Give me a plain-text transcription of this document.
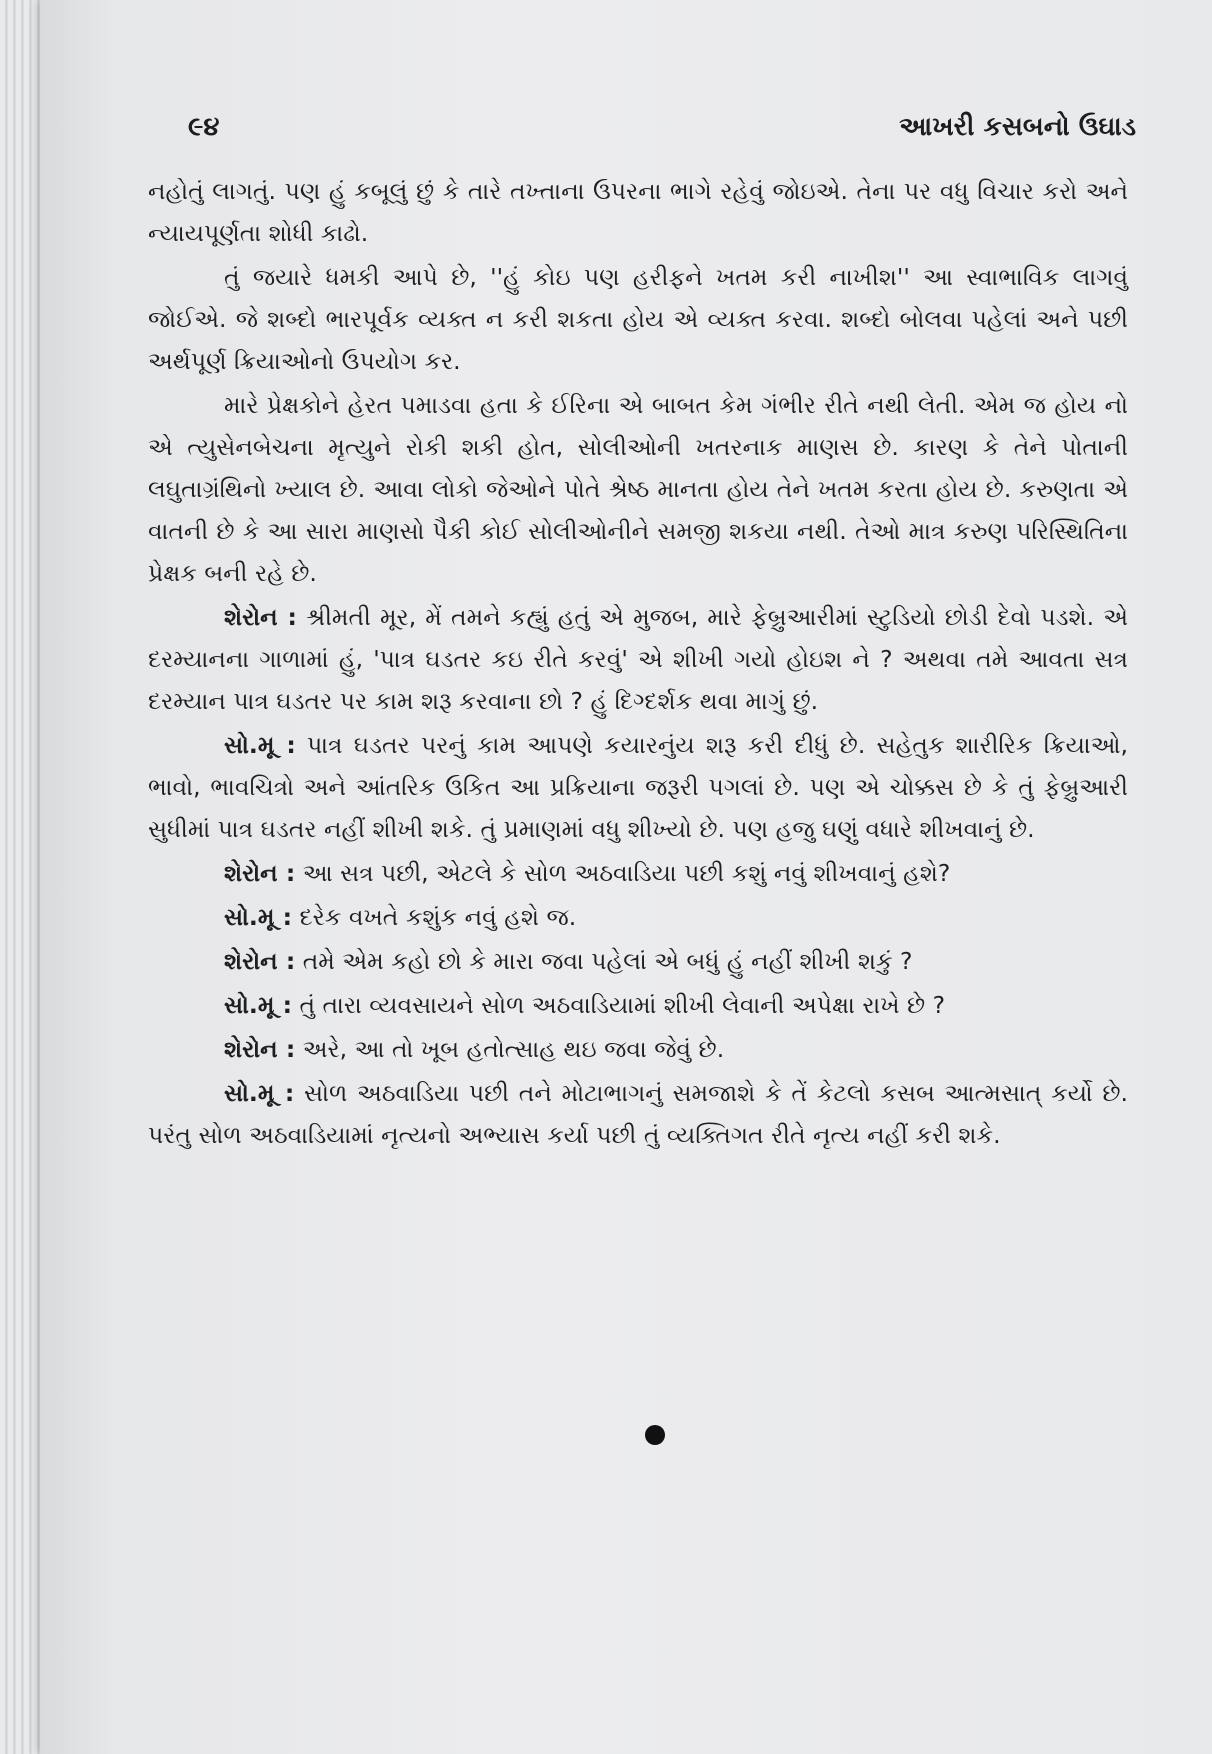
૯૪	આખરી કસબનો ઉઘાડ

નહોતું લાગતું. પણ હું કબૂલું છું કે તારે તખ્તાના ઉપરના ભાગે રહેવું જોઇએ. તેના પર વધુ વિચાર કરો અને ન્યાયપૂર્ણતા શોધી કાઢો.

તું જયારે ધમકી આપે છે, ''હું કોઇ પણ હરીફને ખતમ કરી નાખીશ'' આ સ્વાભાવિક લાગવું જોઈએ. જે શબ્દો ભારપૂર્વક વ્યક્ત ન કરી શકતા હોય એ વ્યક્ત કરવા. શબ્દો બોલવા પહેલાં અને પછી અર્થપૂર્ણ ક્રિયાઓનો ઉપયોગ કર.

મારે પ્રેક્ષકોને હેરત પમાડવા હતા કે ઈરિના એ બાબત કેમ ગંભીર રીતે નથી લેતી. એમ જ હોય નો એ ત્યુસેનબેચના મૃત્યુને રોકી શકી હોત, સોલીઓની ખતરનાક માણસ છે. કારણ કે તેને પોતાની લઘુતાગ્રંથિનો ખ્યાલ છે. આવા લોકો જેઓને પોતે શ્રેષ્ઠ માનતા હોય તેને ખતમ કરતા હોય છે. કરુણતા એ વાતની છે કે આ સારા માણસો પૈકી કોઈ સોલીઓનીને સમજી શકયા નથી. તેઓ માત્ર કરુણ પરિસ્થિતિના પ્રેક્ષક બની રહે છે.

શેરોન : શ્રીમતી મૂર, મેં તમને કહ્યું હતું એ મુજબ, મારે ફેબ્રુઆરીમાં સ્ટુડિયો છોડી દેવો પડશે. એ દરમ્યાનના ગાળામાં હું, 'પાત્ર ઘડતર કઇ રીતે કરવું' એ શીખી ગયો હોઇશ ને ? અથવા તમે આવતા સત્ર દરમ્યાન પાત્ર ઘડતર પર કામ શરૂ કરવાના છો ? હું દિગ્દર્શક થવા માગું છું.

સો.મૂ : પાત્ર ઘડતર પરનું કામ આપણે કયારનુંય શરૂ કરી દીધું છે. સહેતુક શારીરિક ક્રિયાઓ, ભાવો, ભાવચિત્રો અને આંતરિક ઉકિત આ પ્રક્રિયાના જરૂરી પગલાં છે. પણ એ ચોક્કસ છે કે તું ફેબ્રુઆરી સુધીમાં પાત્ર ઘડતર નહીં શીખી શકે. તું પ્રમાણમાં વધુ શીખ્યો છે. પણ હજુ ઘણું વધારે શીખવાનું છે.

શેરોન : આ સત્ર પછી, એટલે કે સોળ અઠવાડિયા પછી કશું નવું શીખવાનું હશે?

સો.મૂ : દરેક વખતે કશુંક નવું હશે જ.

શેરોન : તમે એમ કહો છો કે મારા જવા પહેલાં એ બધું હું નહીં શીખી શકું ?

સો.મૂ : તું તારા વ્યવસાયને સોળ અઠવાડિયામાં શીખી લેવાની અપેક્ષા રાખે છે ?

શેરોન : અરે, આ તો ખૂબ હતોત્સાહ થઇ જવા જેવું છે.

સો.મૂ : સોળ અઠવાડિયા પછી તને મોટાભાગનું સમજાશે કે તેં કેટલો કસબ આત્મસાત્ કર્યો છે. પરંતુ સોળ અઠવાડિયામાં નૃત્યનો અભ્યાસ કર્યા પછી તું વ્યક્તિગત રીતે નૃત્ય નહીં કરી શકે.
